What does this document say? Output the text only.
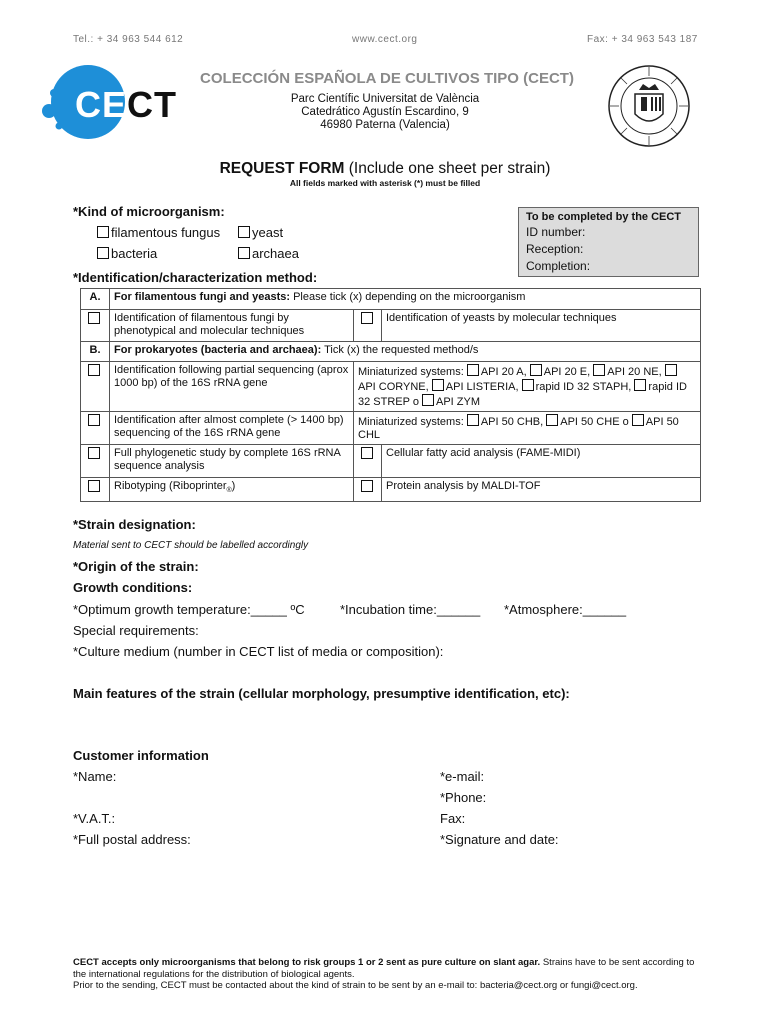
Tel.: + 34 963 544 612	www.cect.org	Fax: + 34 963 543 187
CECT
COLECCIÓN ESPAÑOLA DE CULTIVOS TIPO (CECT)
Parc Científic Universitat de València
Catedrático Agustín Escardino, 9
46980 Paterna (Valencia)
REQUEST FORM (Include one sheet per strain)
All fields marked with asterisk (*) must be filled
*Kind of microorganism:
filamentous fungus	yeast
bacteria	archaea
To be completed by the CECT
ID number:
Reception:
Completion:
*Identification/characterization method:
A.	For filamentous fungi and yeasts: Please tick (x) depending on the microorganism		
	Identification of filamentous fungi by phenotypical and molecular techniques		Identification of yeasts by molecular techniques
B.	For prokaryotes (bacteria and archaea): Tick (x) the requested method/s		
	Identification following partial sequencing (aprox 1000 bp) of the 16S rRNA gene	Miniaturized systems: API 20 A, API 20 E, API 20 NE, API CORYNE, API LISTERIA, rapid ID 32 STAPH, rapid ID 32 STREP o API ZYM	
	Identification after almost complete (> 1400 bp) sequencing of the 16S rRNA gene	Miniaturized systems: API 50 CHB, API 50 CHE o API 50 CHL	
	Full phylogenetic study by complete 16S rRNA sequence analysis		Cellular fatty acid analysis (FAME-MIDI)
	Ribotyping (Riboprinter$_®$)		Protein analysis by MALDI-TOF
*Strain designation:
Material sent to CECT should be labelled accordingly
*Origin of the strain:
Growth conditions:
*Optimum growth temperature:_____ ºC	*Incubation time:______ *Atmosphere:______
Special requirements:
*Culture medium (number in CECT list of media or composition):
Main features of the strain (cellular morphology, presumptive identification, etc):
Customer information
*Name:	*e-mail:
*Phone:
*V.A.T.:	Fax:
*Full postal address:	*Signature and date:
CECT accepts only microorganisms that belong to risk groups 1 or 2 sent as pure culture on slant agar. Strains have to be sent according to the international regulations for the distribution of biological agents.
Prior to the sending, CECT must be contacted about the kind of strain to be sent by an e-mail to: bacteria@cect.org or fungi@cect.org.
